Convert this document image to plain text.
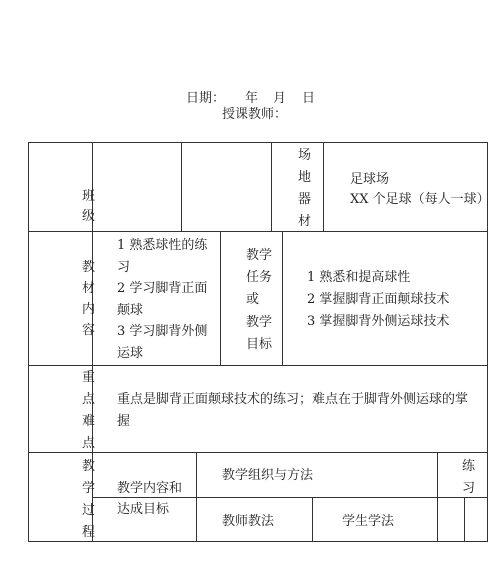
日期： 年 月 日
授课教师：
班
级
场
地
器
材
足球场
XX 个足球（每人一球）
教
材
内
容
1 熟悉球性的练
习
2 学习脚背正面
颠球
3 学习脚背外侧
运球
教学
任务
或
教学
目标
1 熟悉和提高球性
2 掌握脚背正面颠球技术
3 掌握脚背外侧运球技术
重
点
难
点
重点是脚背正面颠球技术的练习；难点在于脚背外侧运球的掌
握
教
学
过
程
教学内容和
达成目标
教学组织与方法
教师教法	学生学法
练
习
